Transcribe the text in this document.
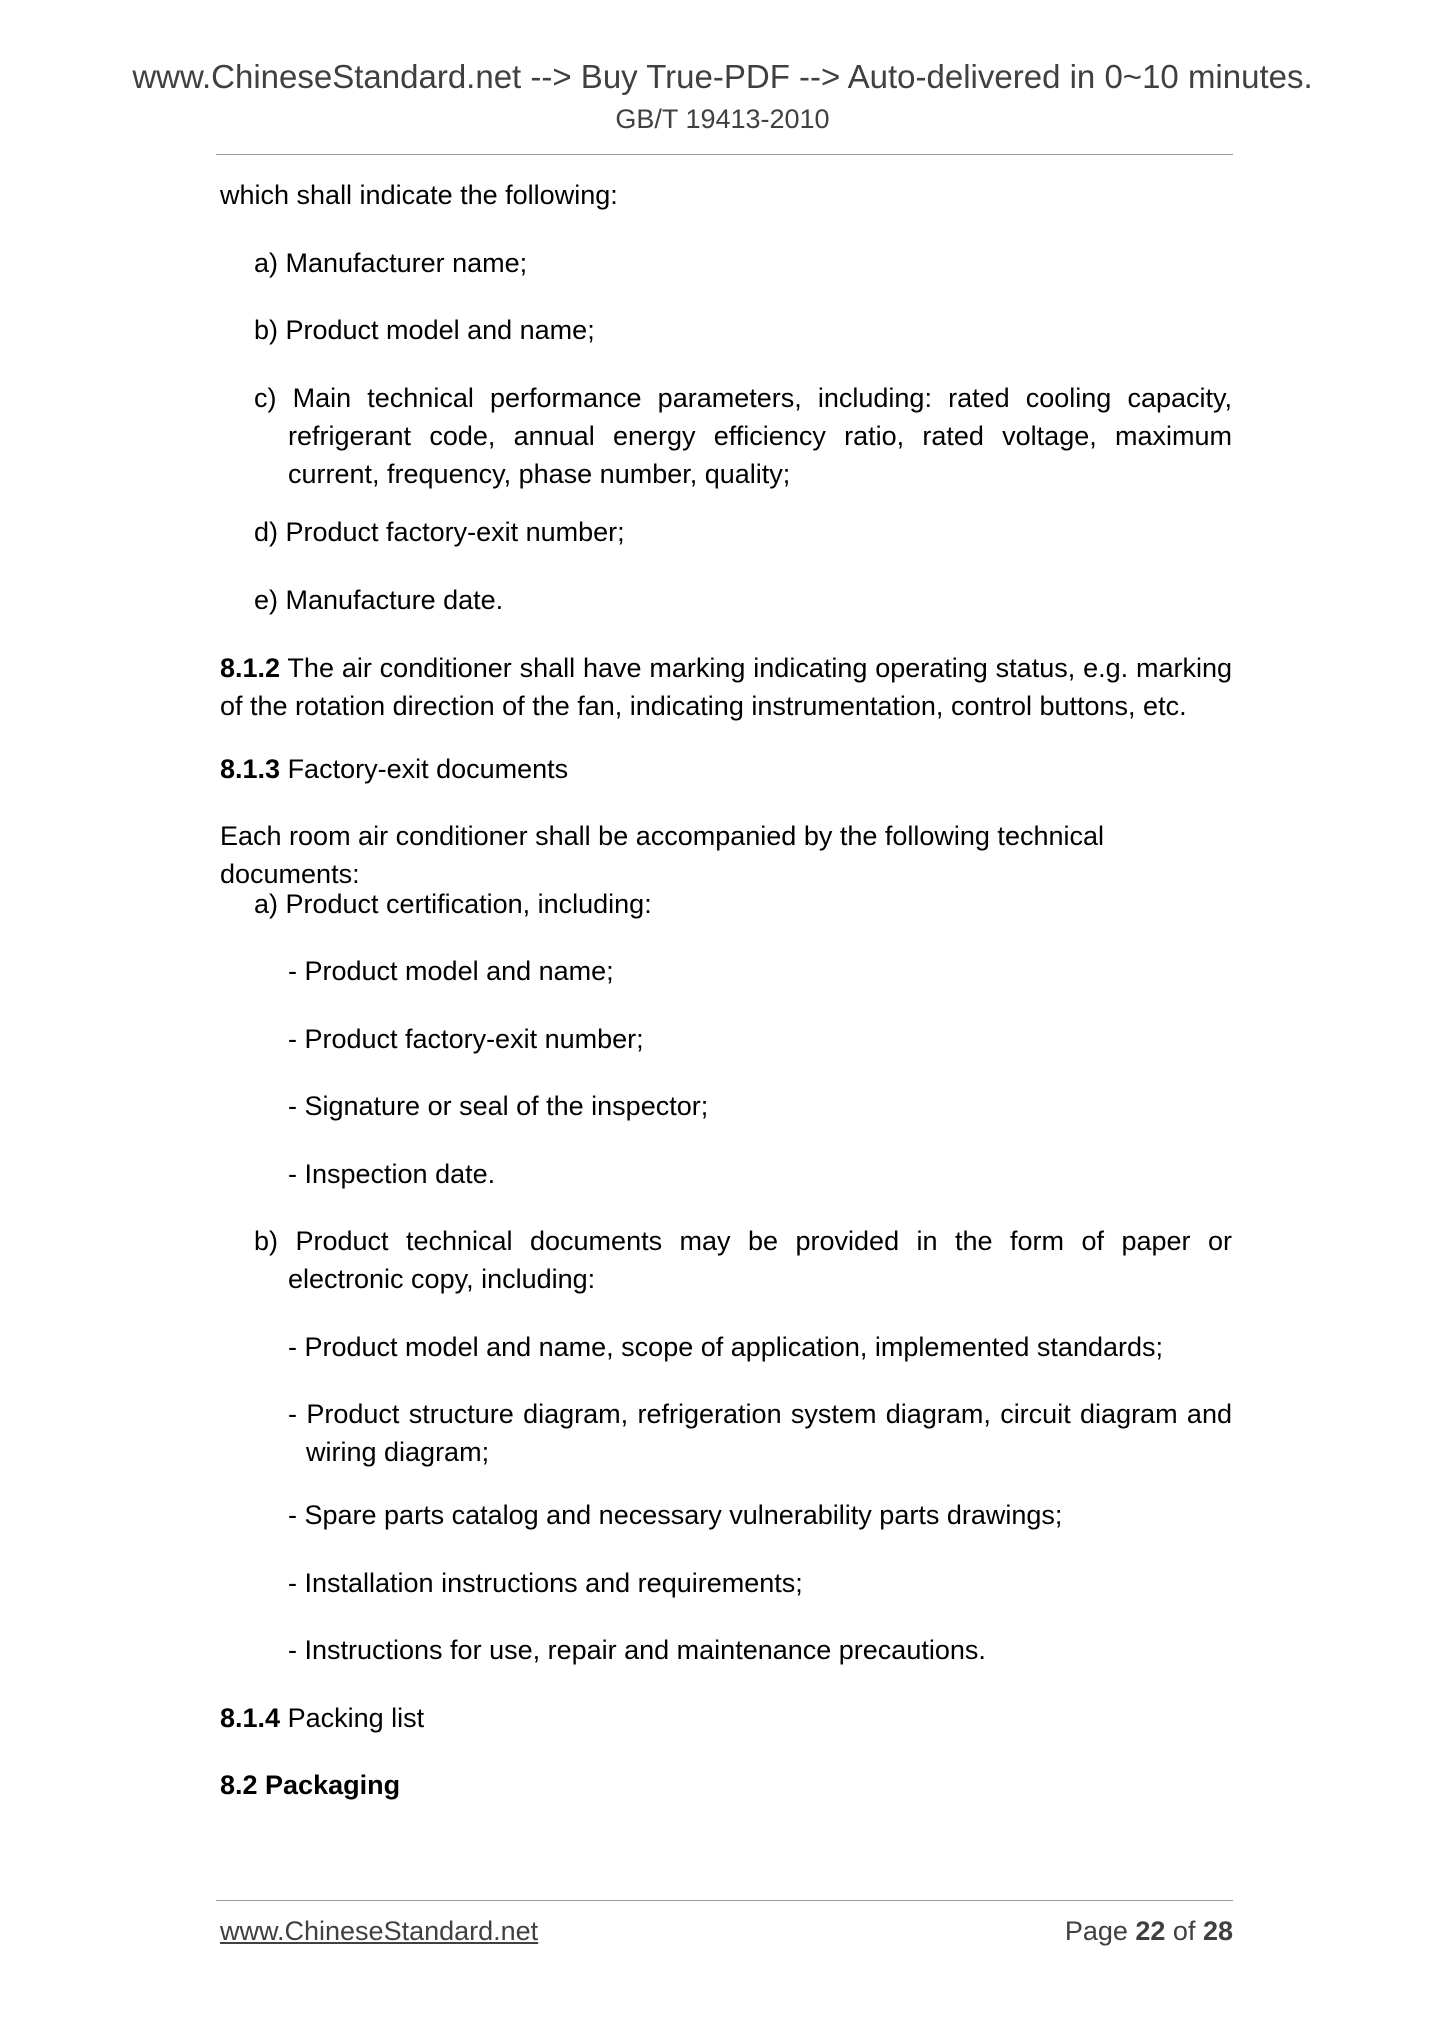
www.ChineseStandard.net --> Buy True-PDF --> Auto-delivered in 0~10 minutes.
GB/T 19413-2010

which shall indicate the following:

a) Manufacturer name;

b) Product model and name;

c) Main technical performance parameters, including: rated cooling capacity, refrigerant code, annual energy efficiency ratio, rated voltage, maximum current, frequency, phase number, quality;

d) Product factory-exit number;

e) Manufacture date.

8.1.2 The air conditioner shall have marking indicating operating status, e.g. marking of the rotation direction of the fan, indicating instrumentation, control buttons, etc.

8.1.3 Factory-exit documents

Each room air conditioner shall be accompanied by the following technical documents:

a) Product certification, including:

- Product model and name;

- Product factory-exit number;

- Signature or seal of the inspector;

- Inspection date.

b) Product technical documents may be provided in the form of paper or electronic copy, including:

- Product model and name, scope of application, implemented standards;

- Product structure diagram, refrigeration system diagram, circuit diagram and wiring diagram;

- Spare parts catalog and necessary vulnerability parts drawings;

- Installation instructions and requirements;

- Instructions for use, repair and maintenance precautions.

8.1.4 Packing list

8.2 Packaging

www.ChineseStandard.net	Page 22 of 28
